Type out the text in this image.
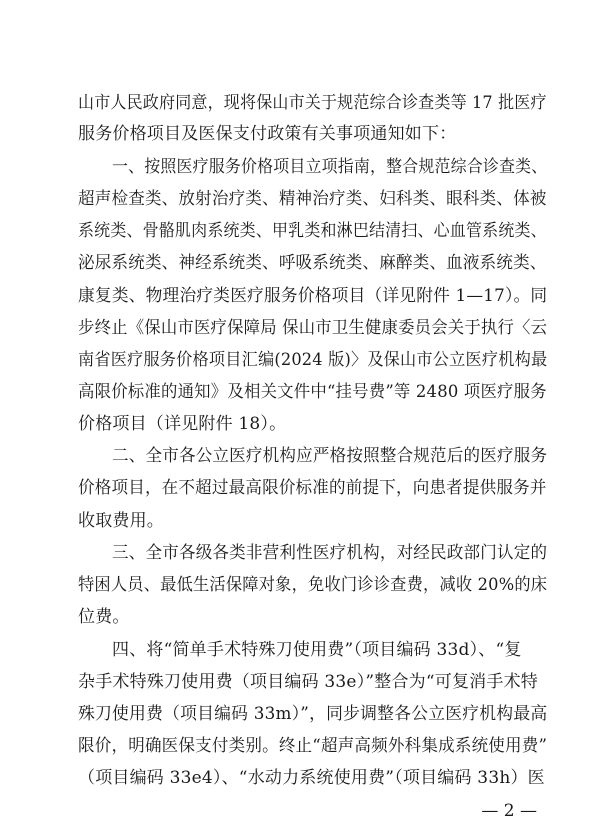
山市人民政府同意，现将保山市关于规范综合诊查类等 17 批医疗
服务价格项目及医保支付政策有关事项通知如下：
一、按照医疗服务价格项目立项指南，整合规范综合诊查类、
超声检查类、放射治疗类、精神治疗类、妇科类、眼科类、体被
系统类、骨骼肌肉系统类、甲乳类和淋巴结清扫、心血管系统类、
泌尿系统类、神经系统类、呼吸系统类、麻醉类、血液系统类、
康复类、物理治疗类医疗服务价格项目（详见附件 1—17）。同
步终止《保山市医疗保障局 保山市卫生健康委员会关于执行〈云
南省医疗服务价格项目汇编(2024 版)〉及保山市公立医疗机构最
高限价标准的通知》及相关文件中“挂号费”等 2480 项医疗服务
价格项目（详见附件 18）。
二、全市各公立医疗机构应严格按照整合规范后的医疗服务
价格项目，在不超过最高限价标准的前提下，向患者提供服务并
收取费用。
三、全市各级各类非营利性医疗机构，对经民政部门认定的
特困人员、最低生活保障对象，免收门诊诊查费，减收 20%的床
位费。
四、将“简单手术特殊刀使用费”（项目编码 33d）、“复
杂手术特殊刀使用费（项目编码 33e）”整合为“可复消手术特
殊刀使用费（项目编码 33m）”，同步调整各公立医疗机构最高
限价，明确医保支付类别。终止“超声高频外科集成系统使用费”
（项目编码 33e4）、“水动力系统使用费”（项目编码 33h）医
— 2 —
